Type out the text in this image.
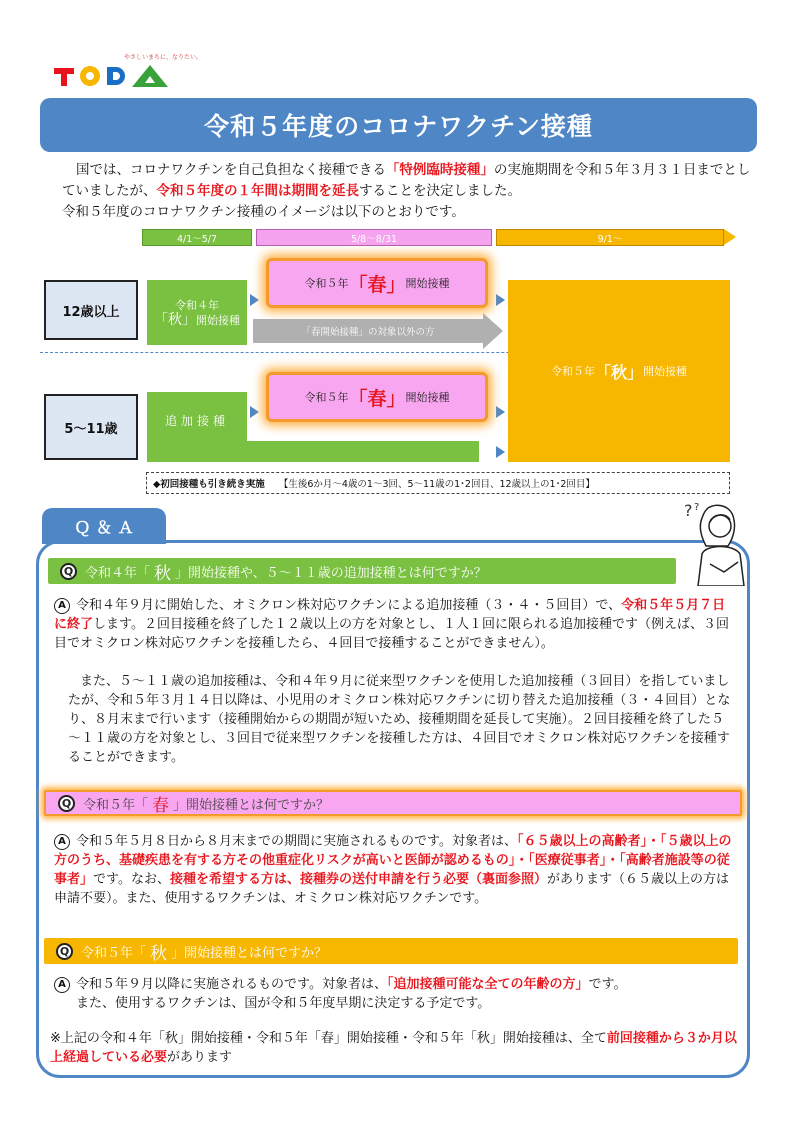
やさしいまちに、なりたい。
令和５年度のコロナワクチン接種

国では、コロナワクチンを自己負担なく接種できる「特例臨時接種」の実施期間を令和５年３月３１日までとしていましたが、令和５年度の１年間は期間を延長することを決定しました。

令和５年度のコロナワクチン接種のイメージは以下のとおりです。
4/1～5/7	5/8～8/31	9/1～
12歳以上
5～11歳
令和４年
「秋」開始接種
令和５年 「春」 開始接種
「春開始接種」の対象以外の方
令和５年 「春」 開始接種
追加接種
令和５年 「秋」 開始接種
◆初回接種も引き続き実施 【生後6か月～4歳の1～3回、5～11歳の1･2回目、12歳以上の1･2回目】
Ｑ ＆ Ａ
? ?
Q 令和４年「 秋 」開始接種や、５～１１歳の追加接種とは何ですか？
A 令和４年９月に開始した、オミクロン株対応ワクチンによる追加接種（３・４・５回目）で、令和５年５月７日に終了します。２回目接種を終了した１２歳以上の方を対象とし、１人１回に限られる追加接種です（例えば、３回目でオミクロン株対応ワクチンを接種したら、４回目で接種することができません）。

また、５～１１歳の追加接種は、令和４年９月に従来型ワクチンを使用した追加接種（３回目）を指していましたが、令和５年３月１４日以降は、小児用のオミクロン株対応ワクチンに切り替えた追加接種（３・４回目）となり、８月末まで行います（接種開始からの期間が短いため、接種期間を延長して実施）。２回目接種を終了した５～１１歳の方を対象とし、３回目で従来型ワクチンを接種した方は、４回目でオミクロン株対応ワクチンを接種することができます。

Q 令和５年「 春 」開始接種とは何ですか？
A 令和５年５月８日から８月末までの期間に実施されるものです。対象者は、「６５歳以上の高齢者」・「５歳以上の方のうち、基礎疾患を有する方その他重症化リスクが高いと医師が認めるもの」・「医療従事者」・「高齢者施設等の従事者」です。なお、接種を希望する方は、接種券の送付申請を行う必要（裏面参照）があります（６５歳以上の方は申請不要）。また、使用するワクチンは、オミクロン株対応ワクチンです。
Q 令和５年「 秋 」開始接種とは何ですか？
A 令和５年９月以降に実施されるものです。対象者は、「追加接種可能な全ての年齢の方」です。
また、使用するワクチンは、国が令和５年度早期に決定する予定です。
※上記の令和４年「秋」開始接種・令和５年「春」開始接種・令和５年「秋」開始接種は、全て前回接種から３か月以上経過している必要があります
